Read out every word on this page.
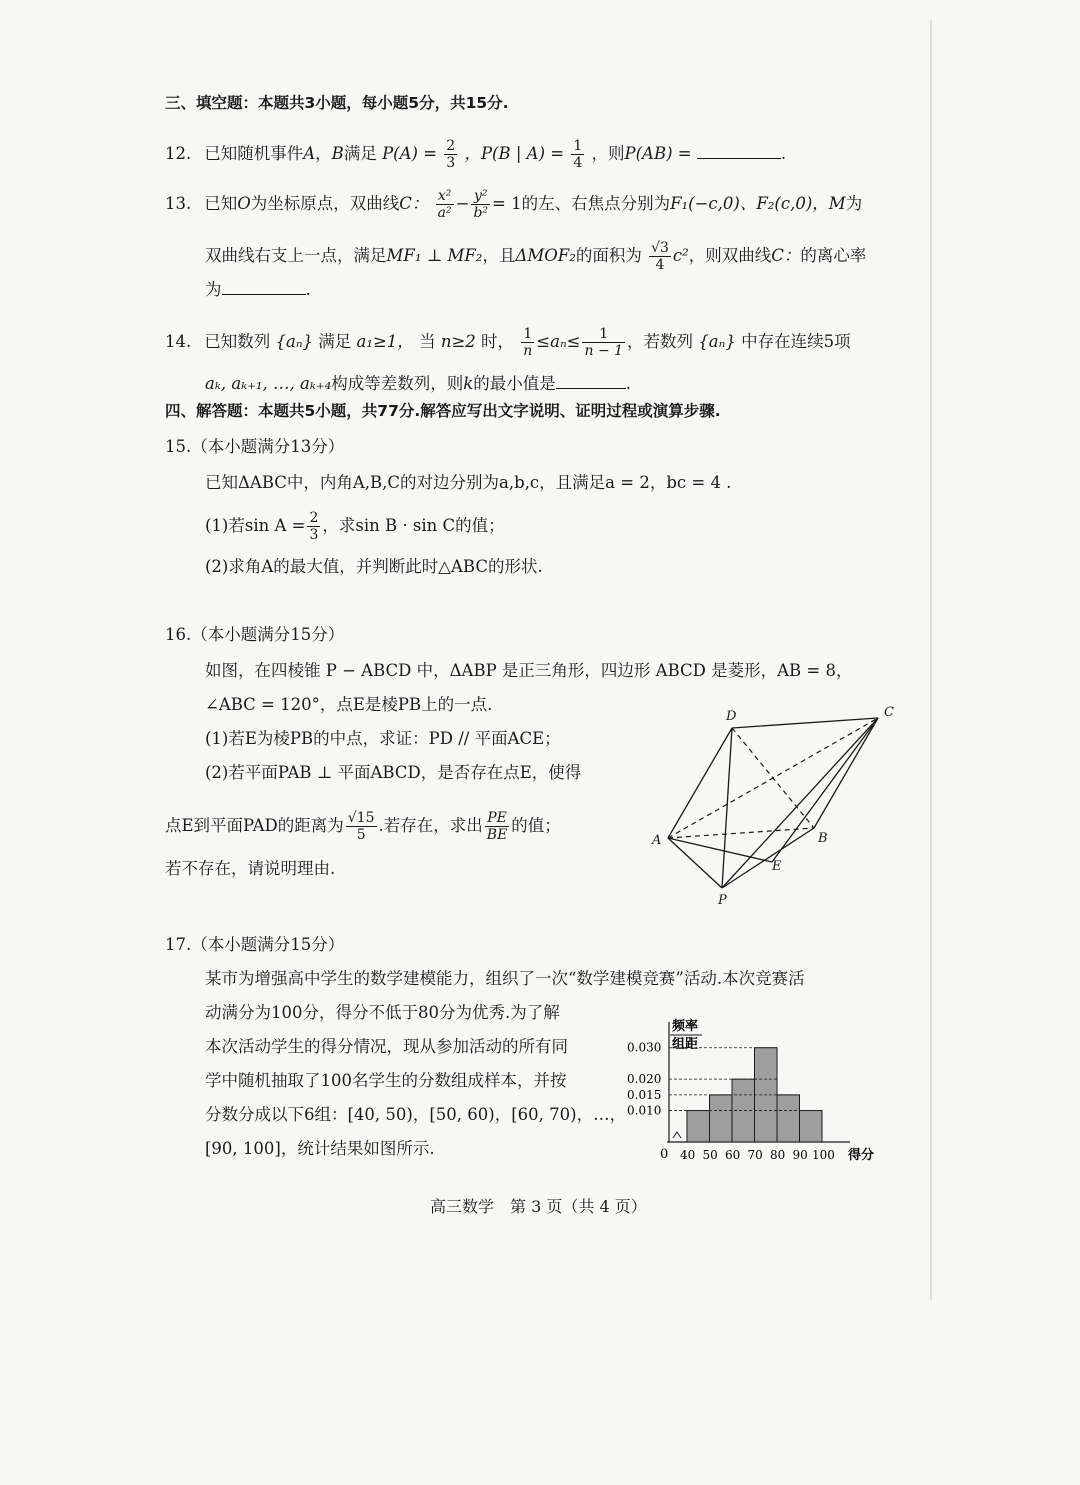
三、填空题：本题共3小题，每小题5分，共15分.
12. 已知随机事件A，B满足 $P(A) = \frac{2}{3}$ ，P(B | $A) = \frac{1}{4}$ ，则P(AB) =	.
13. 已知O为坐标原点，双曲线C： $\frac{\text{x²}}{\text{a²}} - \frac{\text{y²}}{\text{b²}} = 1$的左、右焦点分别为F₁(−c,0)、F₂(c,0)，M为
双曲线右支上一点，满足MF₁ ⊥ MF₂，且ΔMOF₂的面积为 $\frac{√3}{4} c^2$，则双曲线C：的离心率
为	.
14. 已知数列 {aₙ} 满足 a₁≥1， 当 n≥2 时， $\frac{1}{n} \le a_n\le \frac{1}{n - 1}$ ，若数列 {aₙ} 中存在连续5项
aₖ, aₖ₊₁, …, aₖ₊₄构成等差数列，则k的最小值是	.
四、解答题：本题共5小题，共77分.解答应写出文字说明、证明过程或演算步骤.
15.（本小题满分13分）
已知ΔABC中，内角A,B,C的对边分别为a,b,c，且满足a = 2，bc = 4 .
(1)若$\sin A = \frac{2}{3}$ ，求sin B · sin C的值；
(2)求角A的最大值，并判断此时△ABC的形状.
16.（本小题满分15分）
如图，在四棱锥 P − ABCD 中，ΔABP 是正三角形，四边形 ABCD 是菱形，AB = 8，
∠ABC = 120°，点E是棱PB上的一点.
(1)若E为棱PB的中点，求证：PD // 平面ACE；
(2)若平面PAB ⊥ 平面ABCD，是否存在点E，使得
点E到平面PAD的距离为 $\frac{√15}{5}$ .若存在，求出 $\frac{PE}{BE}$ 的值；
若不存在，请说明理由.
D	C
A	B
E
P
17.（本小题满分15分）
某市为增强高中学生的数学建模能力，组织了一次“数学建模竞赛”活动.本次竞赛活
动满分为100分，得分不低于80分为优秀.为了解
本次活动学生的得分情况，现从参加活动的所有同
学中随机抽取了100名学生的分数组成样本，并按
分数分成以下6组：[40, 50)，[50, 60)，[60, 70)，…，
[90, 100]，统计结果如图所示.
0.030
0.020
0.015
0.010
40 50 60 70 80 90 100
频率
组距
0	得分
高三数学　第 3 页（共 4 页）
